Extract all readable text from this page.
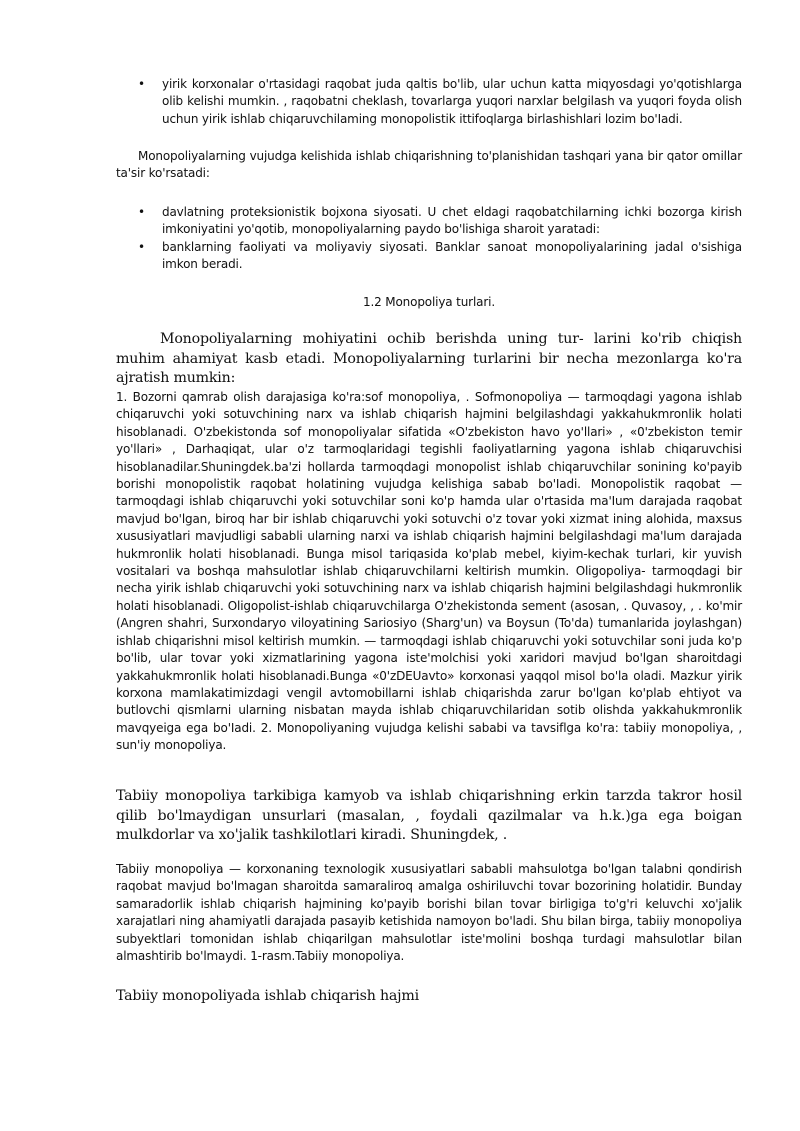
• yirik korxonalar o'rtasidagi raqobat juda qaltis bo'lib, ular uchun katta miqyosdagi yo'qotishlarga olib kelishi mumkin. , raqobatni cheklash, tovarlarga yuqori narxlar belgilash va yuqori foyda olish uchun yirik ishlab chiqaruvchilaming monopolistik ittifoqlarga birlashishlari lozim bo'Iadi.

Monopoliyalarning vujudga kelishida ishlab chiqarishning to'planishidan tashqari yana bir qator omillar ta'sir ko'rsatadi:

• davlatning proteksionistik bojxona siyosati. U chet eldagi raqobatchilarning ichki bozorga kirish imkoniyatini yo'qotib, monopoliyalarning paydo bo'lishiga sharoit yaratadi:
• banklarning faoliyati va moliyaviy siyosati. Banklar sanoat monopoliyalarining jadal o'sishiga imkon beradi.

1.2 Monopoliya turlari.

Monopoliyalarning mohiyatini ochib berishda uning tur- larini ko'rib chiqish muhim ahamiyat kasb etadi. Monopoliyalarning turlarini bir necha mezonlarga ko'ra ajratish mumkin:

1. Bozorni qamrab olish darajasiga ko'ra:sof monopoliya, . Sofmonopoliya — tarmoqdagi yagona ishlab chiqaruvchi yoki sotuvchining narx va ishlab chiqarish hajmini belgilashdagi yakkahukmronlik holati hisoblanadi. O'zbekistonda sof monopoliyalar sifatida «O'zbekiston havo yo'llari» , «0'zbekiston temir yo'llari» , Darhaqiqat, ular o'z tarmoqlaridagi tegishli faoliyatlarning yagona ishlab chiqaruvchisi hisoblanadilar.Shuningdek.ba'zi hollarda tarmoqdagi monopolist ishlab chiqaruvchilar sonining ko'payib borishi monopolistik raqobat holatining vujudga kelishiga sabab bo'Iadi. Monopolistik raqobat — tarmoqdagi ishlab chiqaruvchi yoki sotuvchilar soni ko'p hamda ular o'rtasida ma'Ium darajada raqobat mavjud bo'lgan, biroq har bir ishlab chiqaruvchi yoki sotuvchi o'z tovar yoki xizmat ining alohida, maxsus xususiyatlari mavjudligi sababli ularning narxi va ishlab chiqarish hajmini belgilashdagi ma'lum darajada hukmronlik holati hisoblanadi. Bunga misol tariqasida ko'plab mebel, kiyim-kechak turlari, kir yuvish vositalari va boshqa mahsulotlar ishlab chiqaruvchilarni keltirish mumkin. Oligopoliya- tarmoqdagi bir necha yirik ishlab chiqaruvchi yoki sotuvchining narx va ishlab chiqarish hajmini belgilashdagi hukmronlik holati hisoblanadi. Oligopolist-ishlab chiqaruvchilarga O'zhekistonda sement (asosan, . Quvasoy, , . ko'mir (Angren shahri, Surxondaryo viloyatining Sariosiyo (Sharg'un) va Boysun (To'da) tumanlarida joylashgan) ishlab chiqarishni misol keltirish mumkin. — tarmoqdagi ishlab chiqaruvchi yoki sotuvchilar soni juda ko'p bo'lib, ular tovar yoki xizmatlarining yagona iste'molchisi yoki xaridori mavjud bo'lgan sharoitdagi yakkahukmronlik holati hisoblanadi.Bunga «0'zDEUavto» korxonasi yaqqol misol bo'la oladi. Mazkur yirik korxona mamlakatimizdagi vengil avtomobillarni ishlab chiqarishda zarur bo'lgan ko'plab ehtiyot va butlovchi qismlarni ularning nisbatan mayda ishlab chiqaruvchilaridan sotib olishda yakkahukmronlik mavqyeiga ega bo'Iadi. 2. Monopoliyaning vujudga kelishi sababi va tavsiflga ko'ra: tabiiy monopoliya, , sun'iy monopoliya.

Tabiiy monopoliya tarkibiga kamyob va ishlab chiqarishning erkin tarzda takror hosil qilib bo'lmaydigan unsurlari (masalan, , foydali qazilmalar va h.k.)ga ega boigan mulkdorlar va xo'jalik tashkilotlari kiradi. Shuningdek, .

Tabiiy monopoliya — korxonaning texnologik xususiyatlari sababli mahsulotga bo'lgan talabni qondirish raqobat mavjud bo'lmagan sharoitda samaraliroq amalga oshiriluvchi tovar bozorining holatidir. Bunday samaradorlik ishlab chiqarish hajmining ko'payib borishi bilan tovar birligiga to'g'ri keluvchi xo'jalik xarajatlari ning ahamiyatli darajada pasayib ketishida namoyon bo'ladi. Shu bilan birga, tabiiy monopoliya subyektlari tomonidan ishlab chiqarilgan mahsulotlar iste'molini boshqa turdagi mahsulotlar bilan almashtirib bo'lmaydi. 1-rasm.Tabiiy monopoliya.

Tabiiy monopoliyada ishlab chiqarish hajmi
